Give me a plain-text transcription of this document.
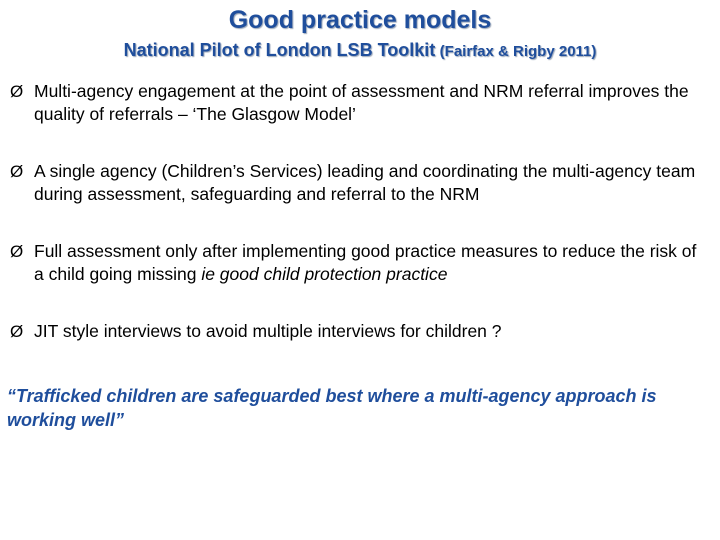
Good practice models

National Pilot of London LSB Toolkit (Fairfax & Rigby 2011)

Ø Multi-agency engagement at the point of assessment and NRM referral improves the quality of referrals – ‘The Glasgow Model’
Ø A single agency (Children’s Services) leading and coordinating the multi-agency team during assessment, safeguarding and referral to the NRM
Ø Full assessment only after implementing good practice measures to reduce the risk of a child going missing ie good child protection practice
Ø JIT style interviews to avoid multiple interviews for children ?

“Trafficked children are safeguarded best where a multi-agency approach is working well”
